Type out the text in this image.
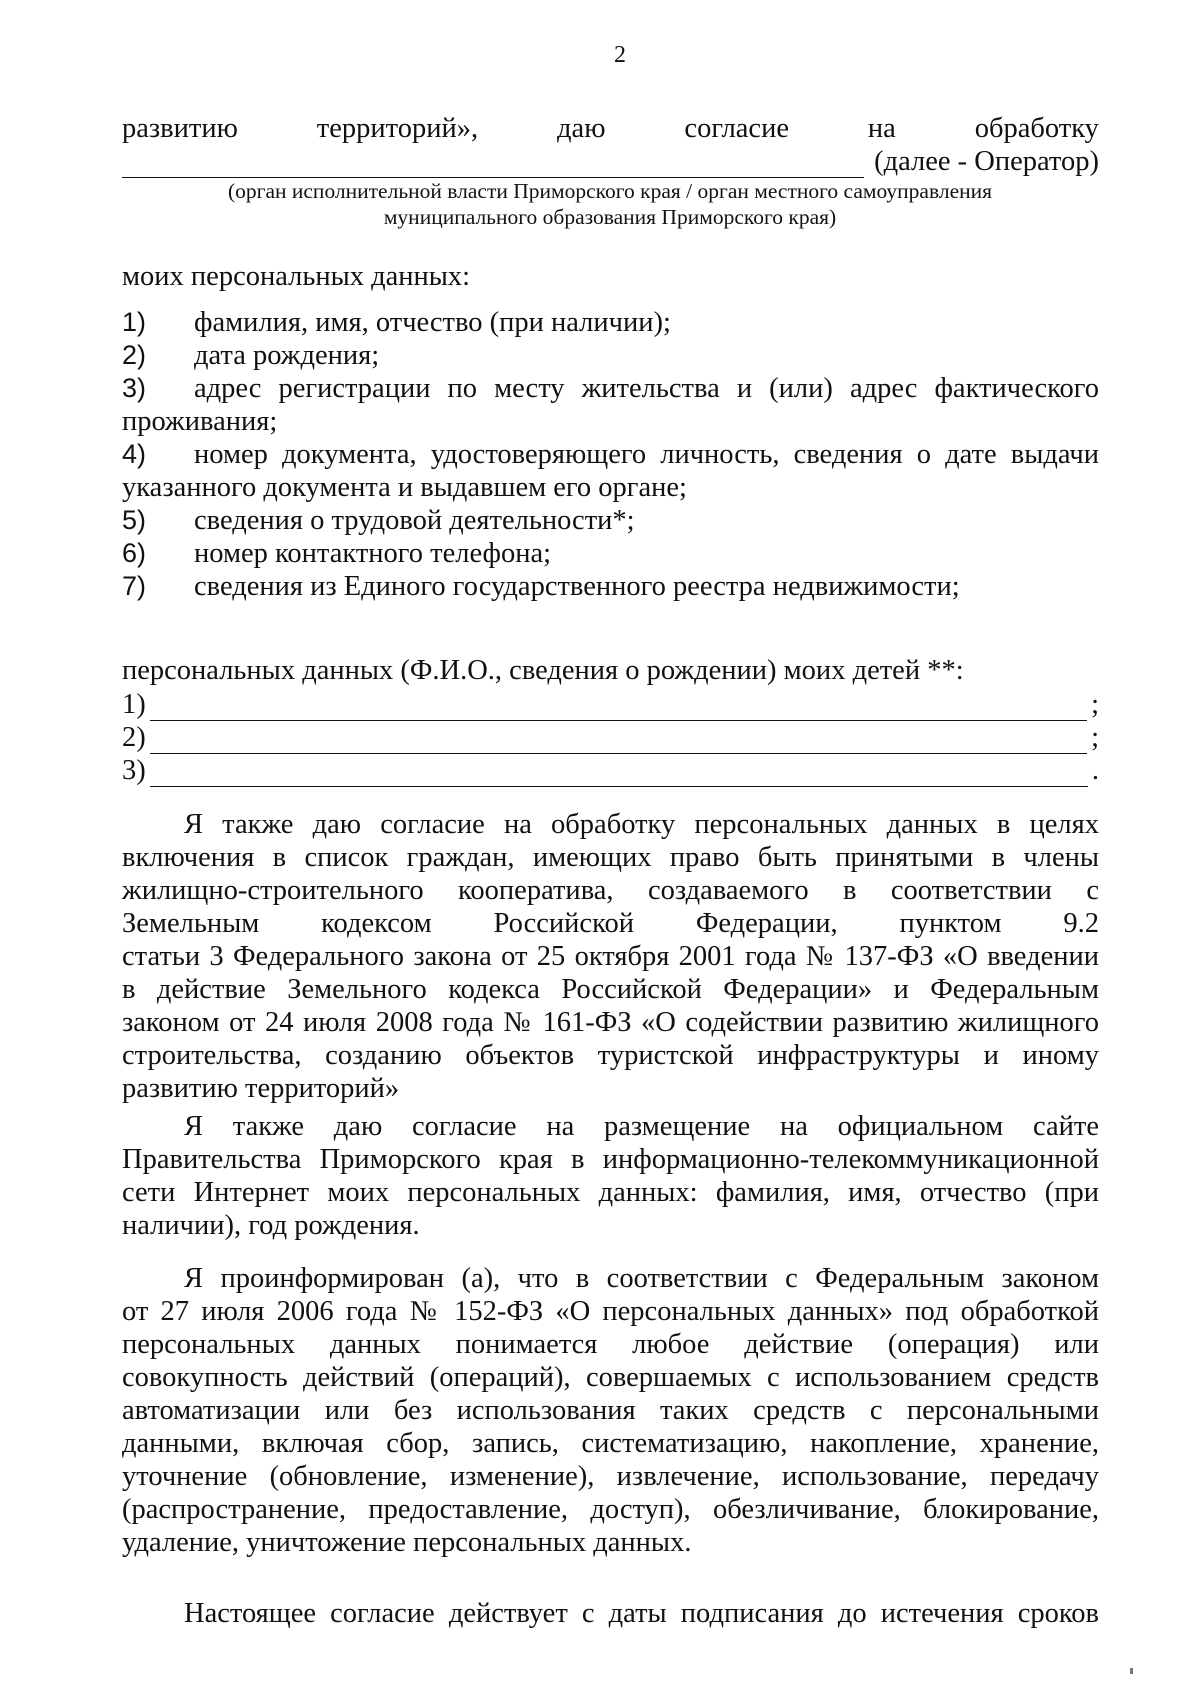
2
развитию	территорий»,	даю	согласие	на	обработку
(далее - Оператор)
(орган исполнительной власти Приморского края / орган местного самоуправления
муниципального образования Приморского края)
моих персональных данных:
1) фамилия, имя, отчество (при наличии);
2) дата рождения;
3) адрес регистрации по месту жительства и (или) адрес фактического
проживания;
4) номер документа, удостоверяющего личность, сведения о дате выдачи
указанного документа и выдавшем его органе;
5) сведения о трудовой деятельности*;
6) номер контактного телефона;
7) сведения из Единого государственного реестра недвижимости;
персональных данных (Ф.И.О., сведения о рождении) моих детей **:
1)	;
2)	;
3)	.
Я также даю согласие на обработку персональных данных в целях
включения в список граждан, имеющих право быть принятыми в члены
жилищно-строительного кооператива, создаваемого в соответствии с
Земельным кодексом Российской Федерации, пунктом 9.2
статьи 3 Федерального закона от 25 октября 2001 года № 137-ФЗ «О введении
в действие Земельного кодекса Российской Федерации» и Федеральным
законом от 24 июля 2008 года № 161-ФЗ «О содействии развитию жилищного
строительства, созданию объектов туристской инфраструктуры и иному
развитию территорий»
Я также даю согласие на размещение на официальном сайте
Правительства Приморского края в информационно-телекоммуникационной
сети Интернет моих персональных данных: фамилия, имя, отчество (при
наличии), год рождения.
Я проинформирован (а), что в соответствии с Федеральным законом
от 27 июля 2006 года № 152-ФЗ «О персональных данных» под обработкой
персональных данных понимается любое действие (операция) или
совокупность действий (операций), совершаемых с использованием средств
автоматизации или без использования таких средств с персональными
данными, включая сбор, запись, систематизацию, накопление, хранение,
уточнение (обновление, изменение), извлечение, использование, передачу
(распространение, предоставление, доступ), обезличивание, блокирование,
удаление, уничтожение персональных данных.
Настоящее согласие действует с даты подписания до истечения сроков
